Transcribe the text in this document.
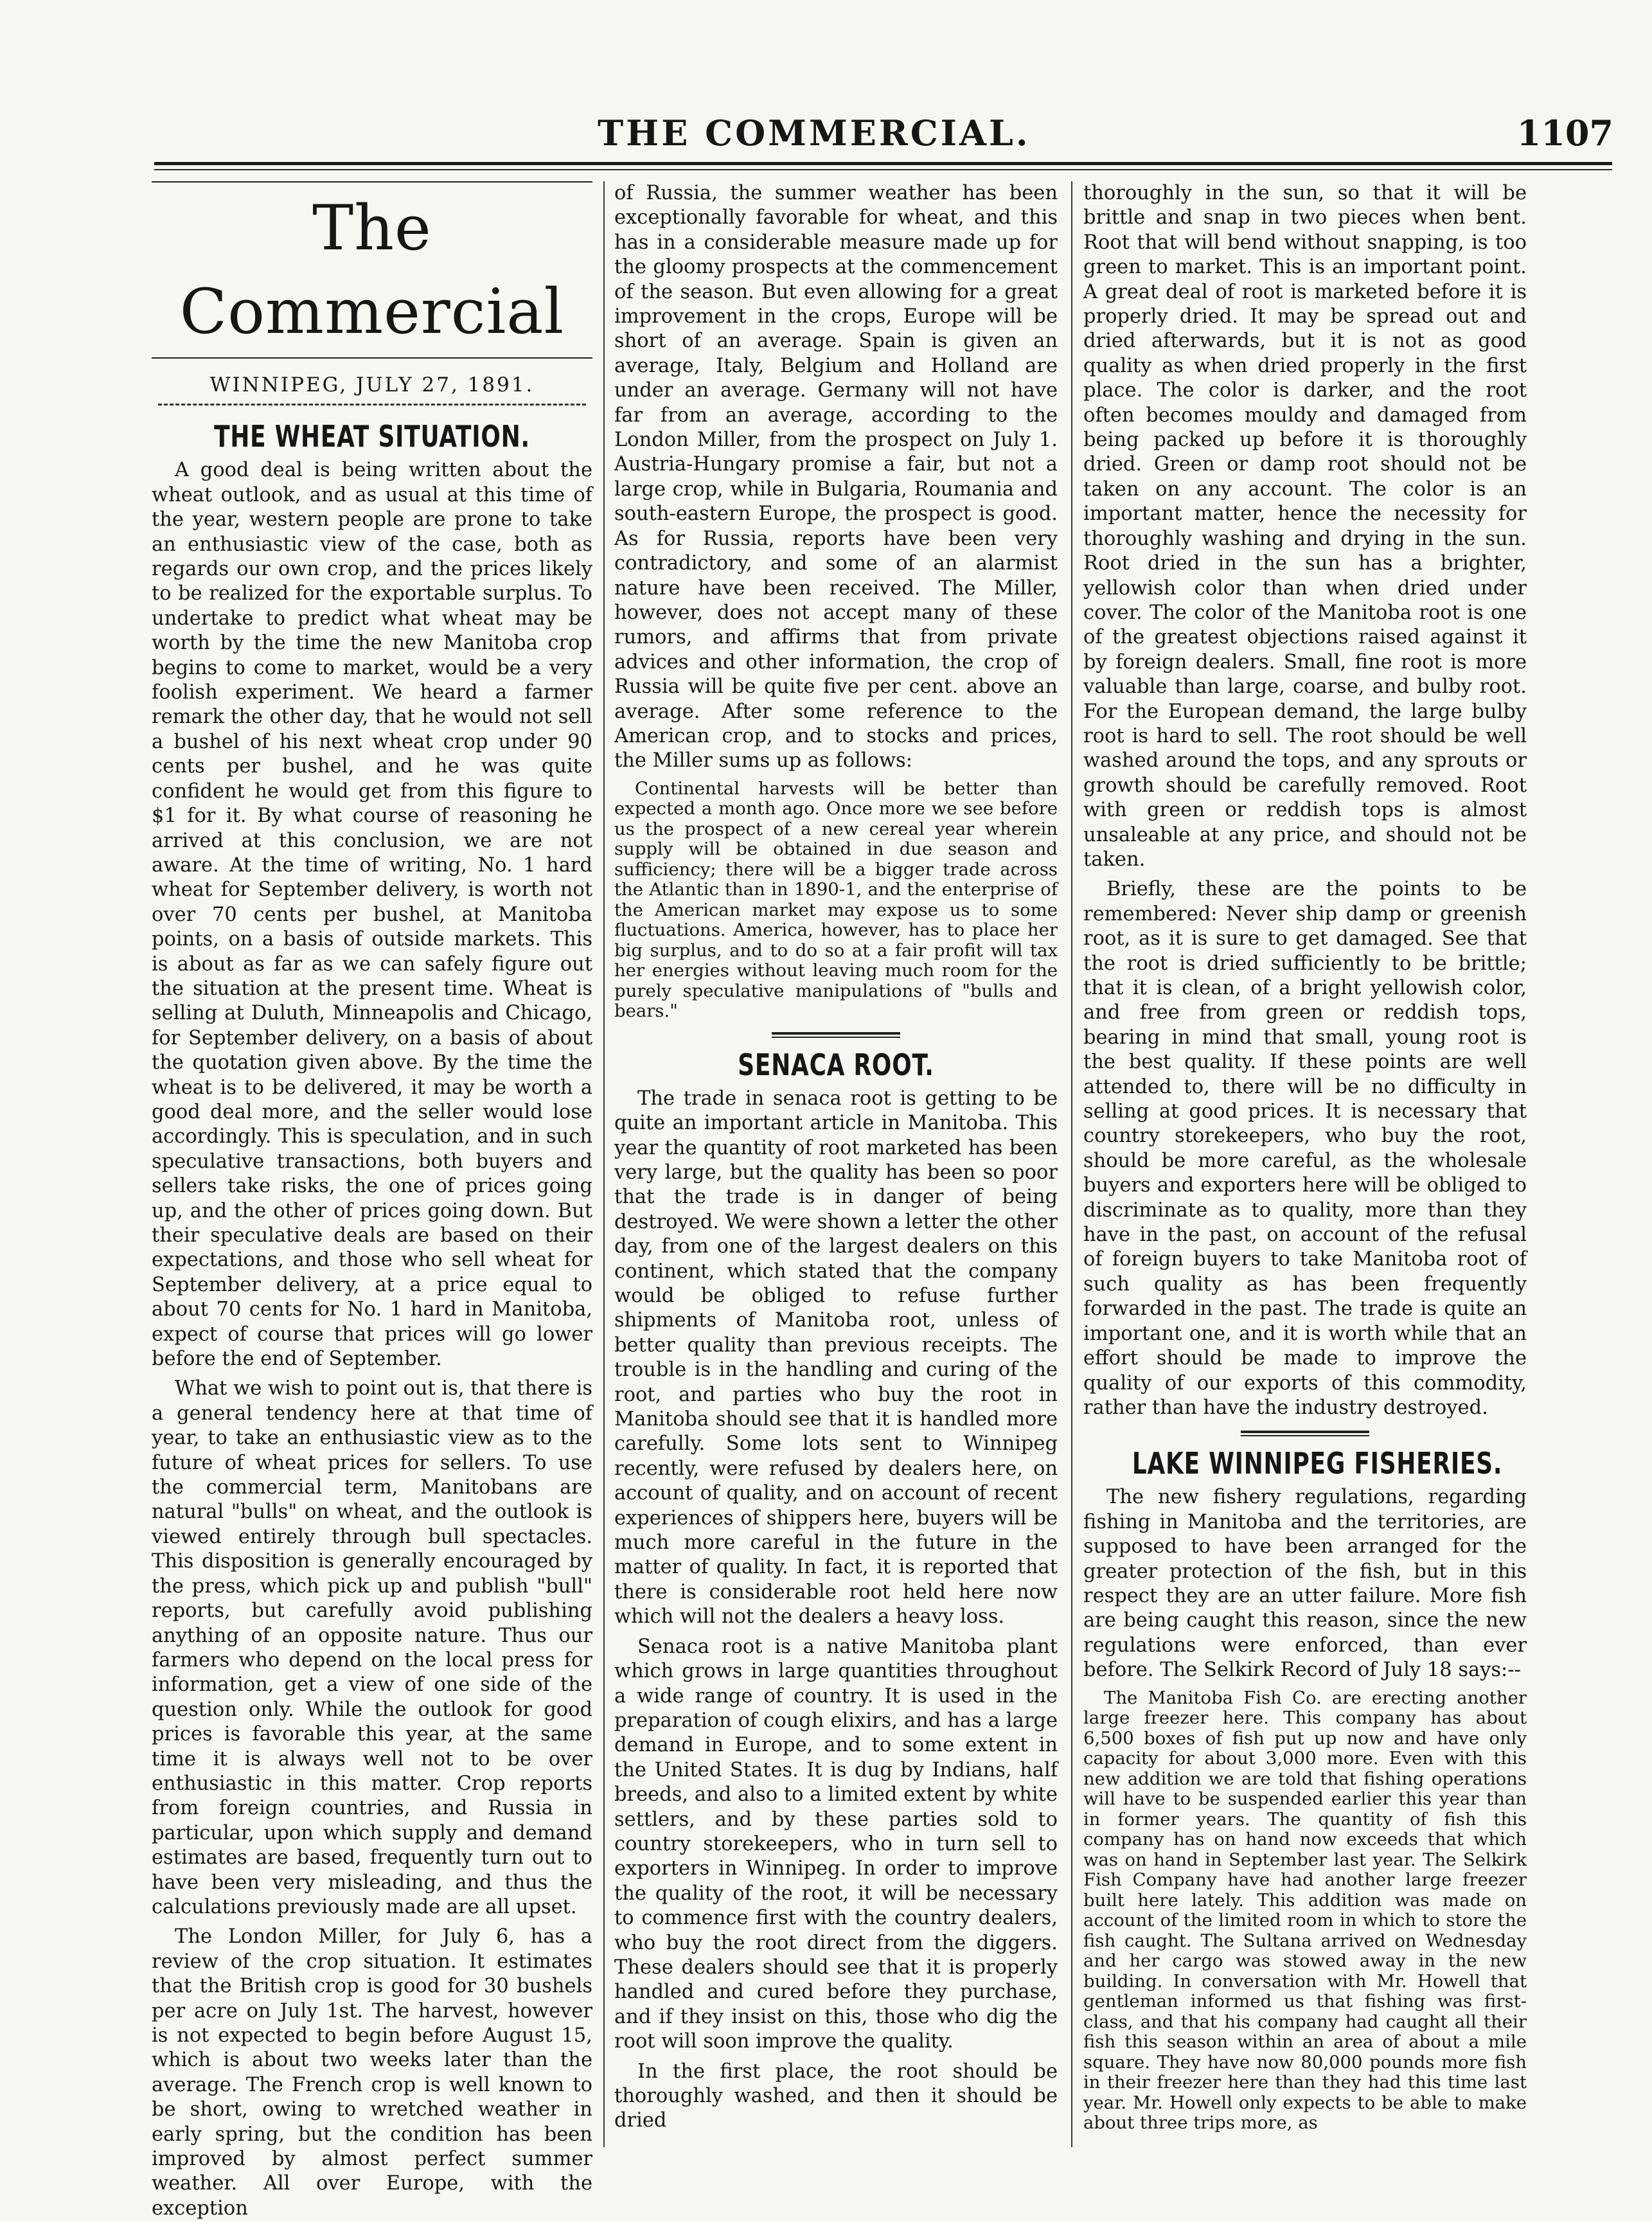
THE COMMERCIAL.	1107
The Commercial
WINNIPEG, JULY 27, 1891.
THE WHEAT SITUATION.

A good deal is being written about the wheat outlook, and as usual at this time of the year, western people are prone to take an enthusiastic view of the case, both as regards our own crop, and the prices likely to be realized for the exportable surplus. To undertake to predict what wheat may be worth by the time the new Manitoba crop begins to come to market, would be a very foolish experiment. We heard a farmer remark the other day, that he would not sell a bushel of his next wheat crop under 90 cents per bushel, and he was quite confident he would get from this figure to $1 for it. By what course of reasoning he arrived at this conclusion, we are not aware. At the time of writing, No. 1 hard wheat for September delivery, is worth not over 70 cents per bushel, at Manitoba points, on a basis of outside markets. This is about as far as we can safely figure out the situation at the present time. Wheat is selling at Duluth, Minneapolis and Chicago, for September delivery, on a basis of about the quotation given above. By the time the wheat is to be delivered, it may be worth a good deal more, and the seller would lose accordingly. This is speculation, and in such speculative transactions, both buyers and sellers take risks, the one of prices going up, and the other of prices going down. But their speculative deals are based on their expectations, and those who sell wheat for September delivery, at a price equal to about 70 cents for No. 1 hard in Manitoba, expect of course that prices will go lower before the end of September.

What we wish to point out is, that there is a general tendency here at that time of year, to take an enthusiastic view as to the future of wheat prices for sellers. To use the commercial term, Manitobans are natural "bulls" on wheat, and the outlook is viewed entirely through bull spectacles. This disposition is generally encouraged by the press, which pick up and publish "bull" reports, but carefully avoid publishing anything of an opposite nature. Thus our farmers who depend on the local press for information, get a view of one side of the question only. While the outlook for good prices is favorable this year, at the same time it is always well not to be over enthusiastic in this matter. Crop reports from foreign countries, and Russia in particular, upon which supply and demand estimates are based, frequently turn out to have been very misleading, and thus the calculations previously made are all upset.

The London Miller, for July 6, has a review of the crop situation. It estimates that the British crop is good for 30 bushels per acre on July 1st. The harvest, however is not expected to begin before August 15, which is about two weeks later than the average. The French crop is well known to be short, owing to wretched weather in early spring, but the condition has been improved by almost perfect summer weather. All over Europe, with the exception

of Russia, the summer weather has been exceptionally favorable for wheat, and this has in a considerable measure made up for the gloomy prospects at the commencement of the season. But even allowing for a great improvement in the crops, Europe will be short of an average. Spain is given an average, Italy, Belgium and Holland are under an average. Germany will not have far from an average, according to the London Miller, from the prospect on July 1. Austria-Hungary promise a fair, but not a large crop, while in Bulgaria, Roumania and south-eastern Europe, the prospect is good. As for Russia, reports have been very contradictory, and some of an alarmist nature have been received. The Miller, however, does not accept many of these rumors, and affirms that from private advices and other information, the crop of Russia will be quite five per cent. above an average. After some reference to the American crop, and to stocks and prices, the Miller sums up as follows:

Continental harvests will be better than expected a month ago. Once more we see before us the prospect of a new cereal year wherein supply will be obtained in due season and sufficiency; there will be a bigger trade across the Atlantic than in 1890-1, and the enterprise of the American market may expose us to some fluctuations. America, however, has to place her big surplus, and to do so at a fair profit will tax her energies without leaving much room for the purely speculative manipulations of "bulls and bears."

SENACA ROOT.

The trade in senaca root is getting to be quite an important article in Manitoba. This year the quantity of root marketed has been very large, but the quality has been so poor that the trade is in danger of being destroyed. We were shown a letter the other day, from one of the largest dealers on this continent, which stated that the company would be obliged to refuse further shipments of Manitoba root, unless of better quality than previous receipts. The trouble is in the handling and curing of the root, and parties who buy the root in Manitoba should see that it is handled more carefully. Some lots sent to Winnipeg recently, were refused by dealers here, on account of quality, and on account of recent experiences of shippers here, buyers will be much more careful in the future in the matter of quality. In fact, it is reported that there is considerable root held here now which will not the dealers a heavy loss.

Senaca root is a native Manitoba plant which grows in large quantities throughout a wide range of country. It is used in the preparation of cough elixirs, and has a large demand in Europe, and to some extent in the United States. It is dug by Indians, half breeds, and also to a limited extent by white settlers, and by these parties sold to country storekeepers, who in turn sell to exporters in Winnipeg. In order to improve the quality of the root, it will be necessary to commence first with the country dealers, who buy the root direct from the diggers. These dealers should see that it is properly handled and cured before they purchase, and if they insist on this, those who dig the root will soon improve the quality.

In the first place, the root should be thoroughly washed, and then it should be dried

thoroughly in the sun, so that it will be brittle and snap in two pieces when bent. Root that will bend without snapping, is too green to market. This is an important point. A great deal of root is marketed before it is properly dried. It may be spread out and dried afterwards, but it is not as good quality as when dried properly in the first place. The color is darker, and the root often becomes mouldy and damaged from being packed up before it is thoroughly dried. Green or damp root should not be taken on any account. The color is an important matter, hence the necessity for thoroughly washing and drying in the sun. Root dried in the sun has a brighter, yellowish color than when dried under cover. The color of the Manitoba root is one of the greatest objections raised against it by foreign dealers. Small, fine root is more valuable than large, coarse, and bulby root. For the European demand, the large bulby root is hard to sell. The root should be well washed around the tops, and any sprouts or growth should be carefully removed. Root with green or reddish tops is almost unsaleable at any price, and should not be taken.

Briefly, these are the points to be remembered: Never ship damp or greenish root, as it is sure to get damaged. See that the root is dried sufficiently to be brittle; that it is clean, of a bright yellowish color, and free from green or reddish tops, bearing in mind that small, young root is the best quality. If these points are well attended to, there will be no difficulty in selling at good prices. It is necessary that country storekeepers, who buy the root, should be more careful, as the wholesale buyers and exporters here will be obliged to discriminate as to quality, more than they have in the past, on account of the refusal of foreign buyers to take Manitoba root of such quality as has been frequently forwarded in the past. The trade is quite an important one, and it is worth while that an effort should be made to improve the quality of our exports of this commodity, rather than have the industry destroyed.

LAKE WINNIPEG FISHERIES.

The new fishery regulations, regarding fishing in Manitoba and the territories, are supposed to have been arranged for the greater protection of the fish, but in this respect they are an utter failure. More fish are being caught this reason, since the new regulations were enforced, than ever before. The Selkirk Record of July 18 says:--

The Manitoba Fish Co. are erecting another large freezer here. This company has about 6,500 boxes of fish put up now and have only capacity for about 3,000 more. Even with this new addition we are told that fishing operations will have to be suspended earlier this year than in former years. The quantity of fish this company has on hand now exceeds that which was on hand in September last year. The Selkirk Fish Company have had another large freezer built here lately. This addition was made on account of the limited room in which to store the fish caught. The Sultana arrived on Wednesday and her cargo was stowed away in the new building. In conversation with Mr. Howell that gentleman informed us that fishing was first-class, and that his company had caught all their fish this season within an area of about a mile square. They have now 80,000 pounds more fish in their freezer here than they had this time last year. Mr. Howell only expects to be able to make about three trips more, as
